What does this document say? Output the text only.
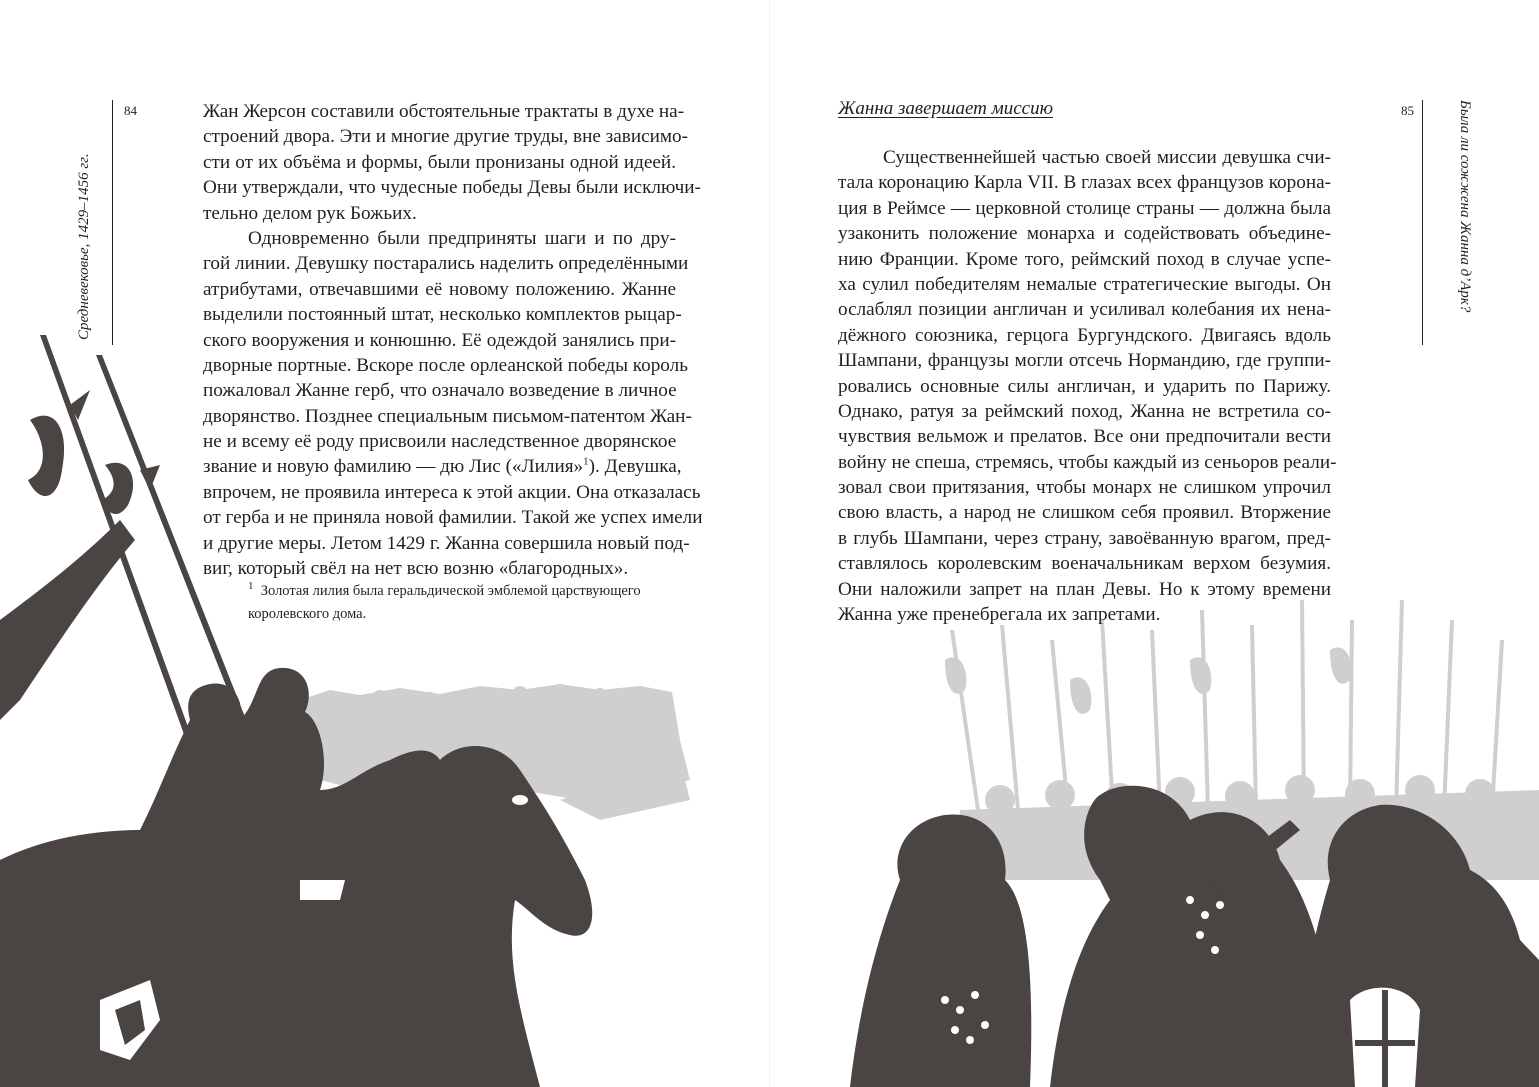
Средневековье, 1429–1456 гг.
84	Жан Жерсон составили обстоятельные трактаты в духе на-
строений двора. Эти и многие другие труды, вне зависимо-
сти от их объёма и формы, были пронизаны одной идеей.
Они утверждали, что чудесные победы Девы были исключи-
тельно делом рук Божьих.
Одновременно были предприняты шаги и по дру-
гой линии. Девушку постарались наделить определёнными
атрибутами, отвечавшими её новому положению. Жанне
выделили постоянный штат, несколько комплектов рыцар-
ского вооружения и конюшню. Её одеждой занялись при-
дворные портные. Вскоре после орлеанской победы король
пожаловал Жанне герб, что означало возведение в личное
дворянство. Позднее специальным письмом-патентом Жан-
не и всему её роду присвоили наследственное дворянское
звание и новую фамилию — дю Лис («Лилия»$^1$). Девушка,
впрочем, не проявила интереса к этой акции. Она отказалась
от герба и не приняла новой фамилии. Такой же успех имели
и другие меры. Летом 1429 г. Жанна совершила новый под-
виг, который свёл на нет всю возню «благородных».
$^1$ Золотая лилия была геральдической эмблемой царствующего
королевского дома.
Жанна завершает миссию	85	Была ли сожжена Жанна д’Арк?
Существеннейшей частью своей миссии девушка счи-
тала коронацию Карла VII. В глазах всех французов корона-
ция в Реймсе — церковной столице страны — должна была
узаконить положение монарха и содействовать объедине-
нию Франции. Кроме того, реймский поход в случае успе-
ха сулил победителям немалые стратегические выгоды. Он
ослаблял позиции англичан и усиливал колебания их нена-
дёжного союзника, герцога Бургундского. Двигаясь вдоль
Шампани, французы могли отсечь Нормандию, где группи-
ровались основные силы англичан, и ударить по Парижу.
Однако, ратуя за реймский поход, Жанна не встретила со-
чувствия вельмож и прелатов. Все они предпочитали вести
войну не спеша, стремясь, чтобы каждый из сеньоров реали-
зовал свои притязания, чтобы монарх не слишком упрочил
свою власть, а народ не слишком себя проявил. Вторжение
в глубь Шампани, через страну, завоёванную врагом, пред-
ставлялось королевским военачальникам верхом безумия.
Они наложили запрет на план Девы. Но к этому времени
Жанна уже пренебрегала их запретами.
